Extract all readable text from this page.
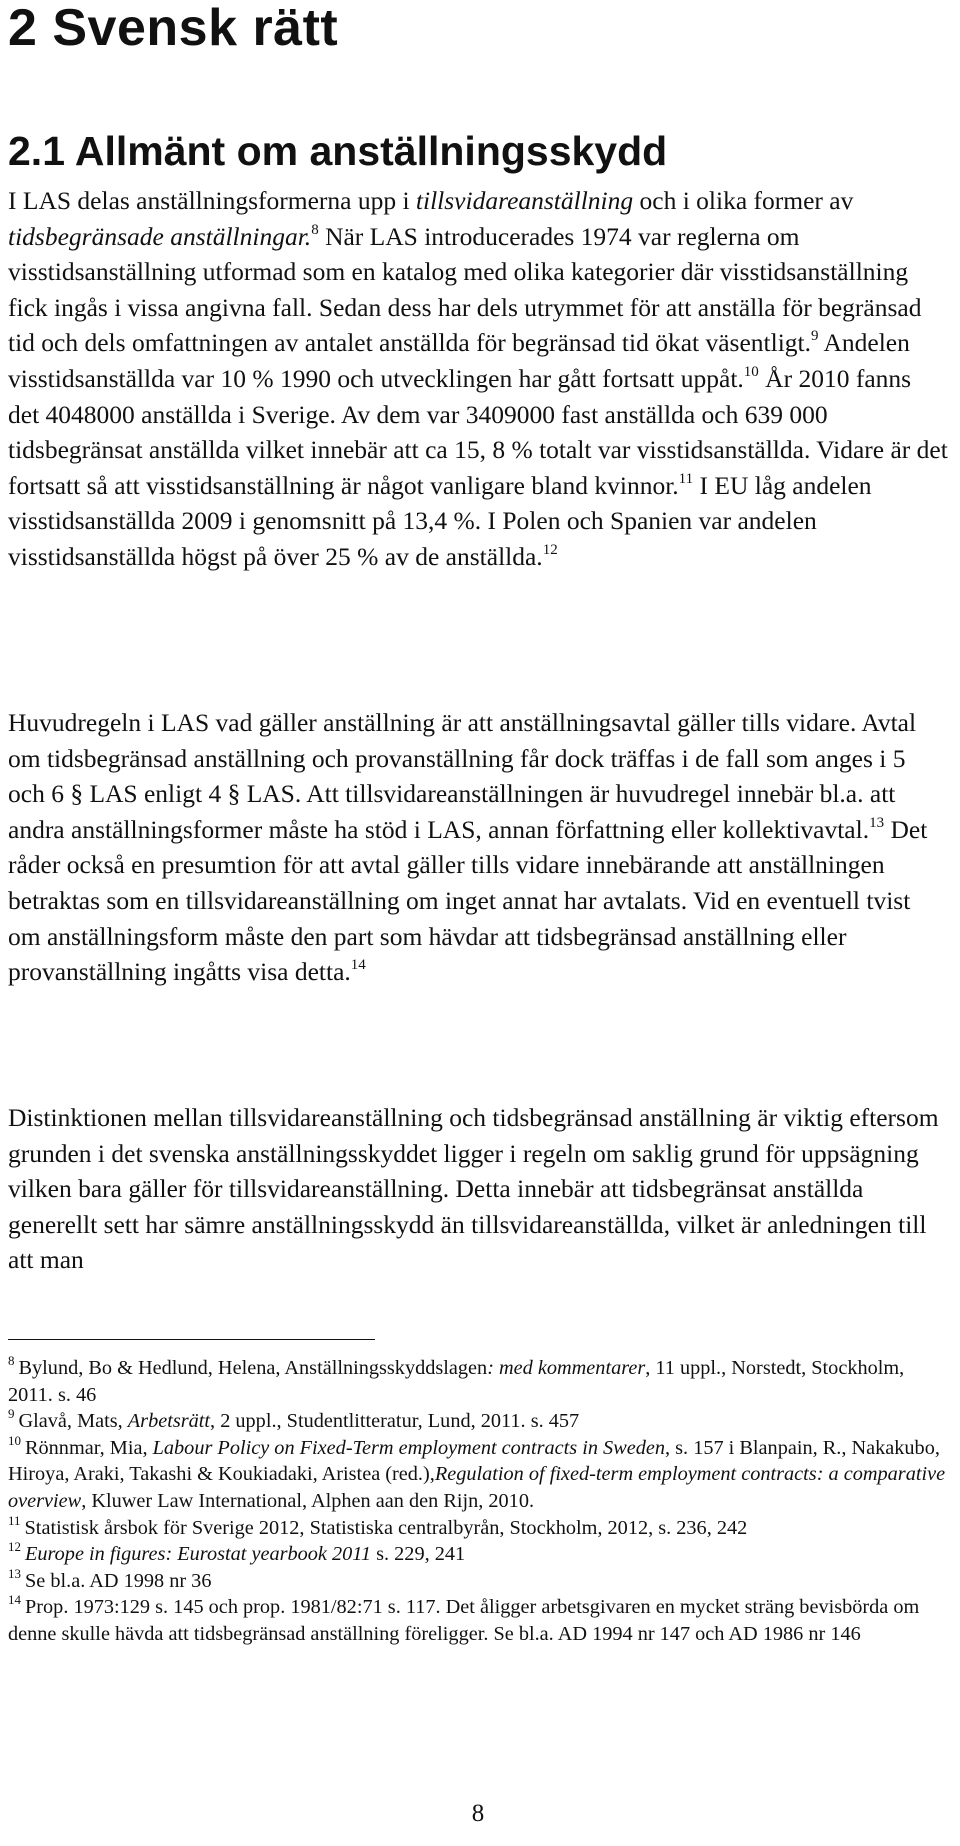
2 Svensk rätt
2.1 Allmänt om anställningsskydd

I LAS delas anställningsformerna upp i tillsvidareanställning och i olika former av tidsbegränsade anställningar.$^8$ När LAS introducerades 1974 var reglerna om visstidsanställning utformad som en katalog med olika kategorier där visstidsanställning fick ingås i vissa angivna fall. Sedan dess har dels utrymmet för att anställa för begränsad tid och dels omfattningen av antalet anställda för begränsad tid ökat väsentligt.$^9$ Andelen visstidsanställda var 10 % 1990 och utvecklingen har gått fortsatt uppåt.$^{10}$ År 2010 fanns det 4048000 anställda i Sverige. Av dem var 3409000 fast anställda och 639 000 tidsbegränsat anställda vilket innebär att ca 15, 8 % totalt var visstidsanställda. Vidare är det fortsatt så att visstidsanställning är något vanligare bland kvinnor.$^{11}$ I EU låg andelen visstidsanställda 2009 i genomsnitt på 13,4 %. I Polen och Spanien var andelen visstidsanställda högst på över 25 % av de anställda.$^{12}$

Huvudregeln i LAS vad gäller anställning är att anställningsavtal gäller tills vidare. Avtal om tidsbegränsad anställning och provanställning får dock träffas i de fall som anges i 5 och 6 § LAS enligt 4 § LAS. Att tillsvidareanställningen är huvudregel innebär bl.a. att andra anställningsformer måste ha stöd i LAS, annan författning eller kollektivavtal.$^{13}$ Det råder också en presumtion för att avtal gäller tills vidare innebärande att anställningen betraktas som en tillsvidareanställning om inget annat har avtalats. Vid en eventuell tvist om anställningsform måste den part som hävdar att tidsbegränsad anställning eller provanställning ingåtts visa detta.$^{14}$

Distinktionen mellan tillsvidareanställning och tidsbegränsad anställning är viktig eftersom grunden i det svenska anställningsskyddet ligger i regeln om saklig grund för uppsägning vilken bara gäller för tillsvidareanställning. Detta innebär att tidsbegränsat anställda generellt sett har sämre anställningsskydd än tillsvidareanställda, vilket är anledningen till att man

$^8$ Bylund, Bo & Hedlund, Helena, Anställningsskyddslagen: med kommentarer, 11 uppl., Norstedt, Stockholm, 2011. s. 46

$^9$ Glavå, Mats, Arbetsrätt, 2 uppl., Studentlitteratur, Lund, 2011. s. 457

$^{10}$ Rönnmar, Mia, Labour Policy on Fixed-Term employment contracts in Sweden, s. 157 i Blanpain, R., Nakakubo, Hiroya, Araki, Takashi & Koukiadaki, Aristea (red.),Regulation of fixed-term employment contracts: a comparative overview, Kluwer Law International, Alphen aan den Rijn, 2010.

$^{11}$ Statistisk årsbok för Sverige 2012, Statistiska centralbyrån, Stockholm, 2012, s. 236, 242

$^{12}$ Europe in figures: Eurostat yearbook 2011 s. 229, 241

$^{13}$ Se bl.a. AD 1998 nr 36

$^{14}$ Prop. 1973:129 s. 145 och prop. 1981/82:71 s. 117. Det åligger arbetsgivaren en mycket sträng bevisbörda om denne skulle hävda att tidsbegränsad anställning föreligger. Se bl.a. AD 1994 nr 147 och AD 1986 nr 146

8
